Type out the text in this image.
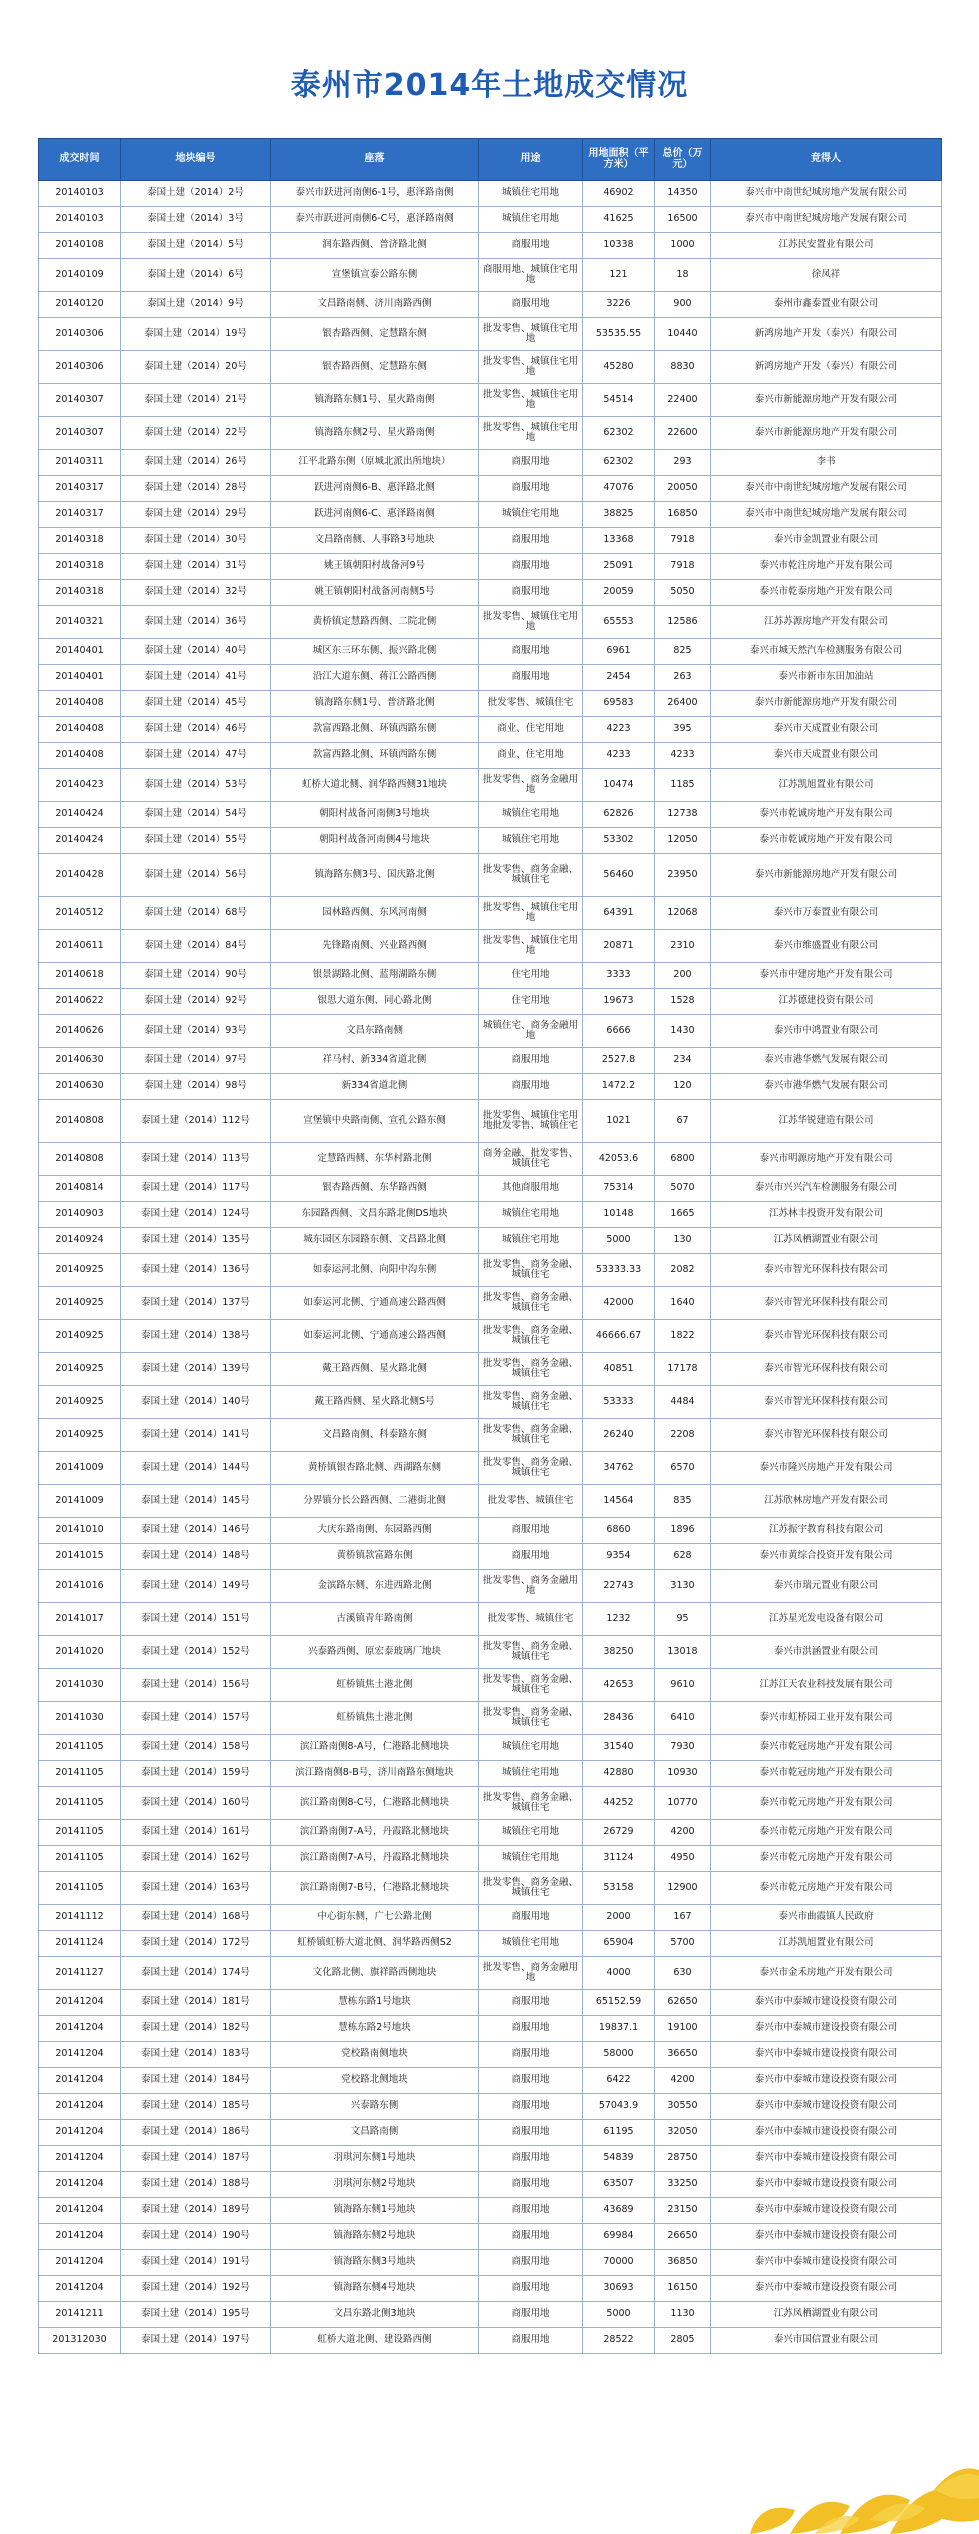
泰州市2014年土地成交情况
成交时间	地块编号	座落	用途	用地面积（平方米）	总价（万元）	竞得人
20140103	泰国土建（2014）2号	泰兴市跃进河南侧6-1号，惠泽路南侧	城镇住宅用地	46902	14350	泰兴市中南世纪城房地产发展有限公司
20140103	泰国土建（2014）3号	泰兴市跃进河南侧6-C号，惠泽路南侧	城镇住宅用地	41625	16500	泰兴市中南世纪城房地产发展有限公司
20140108	泰国土建（2014）5号	润东路西侧、普济路北侧	商服用地	10338	1000	江苏民安置业有限公司
20140109	泰国土建（2014）6号	宣堡镇宣泰公路东侧	商服用地、城镇住宅用地	121	18	徐凤祥
20140120	泰国土建（2014）9号	文昌路南侧、济川南路西侧	商服用地	3226	900	泰州市鑫泰置业有限公司
20140306	泰国土建（2014）19号	银杏路西侧、定慧路东侧	批发零售、城镇住宅用地	53535.55	10440	新鸿房地产开发（泰兴）有限公司
20140306	泰国土建（2014）20号	银杏路西侧、定慧路东侧	批发零售、城镇住宅用地	45280	8830	新鸿房地产开发（泰兴）有限公司
20140307	泰国土建（2014）21号	镇海路东侧1号、星火路南侧	批发零售、城镇住宅用地	54514	22400	泰兴市新能源房地产开发有限公司
20140307	泰国土建（2014）22号	镇海路东侧2号、星火路南侧	批发零售、城镇住宅用地	62302	22600	泰兴市新能源房地产开发有限公司
20140311	泰国土建（2014）26号	江平北路东侧（原城北派出所地块）	商服用地	62302	293	李书
20140317	泰国土建（2014）28号	跃进河南侧6-B、惠泽路北侧	商服用地	47076	20050	泰兴市中南世纪城房地产发展有限公司
20140317	泰国土建（2014）29号	跃进河南侧6-C、惠泽路南侧	城镇住宅用地	38825	16850	泰兴市中南世纪城房地产发展有限公司
20140318	泰国土建（2014）30号	文昌路南侧、人事路3号地块	商服用地	13368	7918	泰兴市金凯置业有限公司
20140318	泰国土建（2014）31号	姚王镇朝阳村战备河9号	商服用地	25091	7918	泰兴市乾注房地产开发有限公司
20140318	泰国土建（2014）32号	姚王镇朝阳村战备河南侧5号	商服用地	20059	5050	泰兴市乾泰房地产开发有限公司
20140321	泰国土建（2014）36号	黄桥镇定慧路西侧、二院北侧	批发零售、城镇住宅用地	65553	12586	江苏苏源房地产开发有限公司
20140401	泰国土建（2014）40号	城区东三环东侧、振兴路北侧	商服用地	6961	825	泰兴市城天然汽车检测服务有限公司
20140401	泰国土建（2014）41号	沿江大道东侧、蒋江公路西侧	商服用地	2454	263	泰兴市新市东田加油站
20140408	泰国土建（2014）45号	镇海路东侧1号、普济路北侧	批发零售、城镇住宅	69583	26400	泰兴市新能源房地产开发有限公司
20140408	泰国土建（2014）46号	款富西路北侧、环镇西路东侧	商业、住宅用地	4223	395	泰兴市天成置业有限公司
20140408	泰国土建（2014）47号	款富西路北侧、环镇西路东侧	商业、住宅用地	4233	4233	泰兴市天成置业有限公司
20140423	泰国土建（2014）53号	虹桥大道北侧、润华路西侧31地块	批发零售、商务金融用地	10474	1185	江苏凯旭置业有限公司
20140424	泰国土建（2014）54号	朝阳村战备河南侧3号地块	城镇住宅用地	62826	12738	泰兴市乾诚房地产开发有限公司
20140424	泰国土建（2014）55号	朝阳村战备河南侧4号地块	城镇住宅用地	53302	12050	泰兴市乾诚房地产开发有限公司
20140428	泰国土建（2014）56号	镇海路东侧3号、国庆路北侧	批发零售、商务金融、城镇住宅	56460	23950	泰兴市新能源房地产开发有限公司
20140512	泰国土建（2014）68号	园林路西侧、东风河南侧	批发零售、城镇住宅用地	64391	12068	泰兴市万泰置业有限公司
20140611	泰国土建（2014）84号	先锋路南侧、兴业路西侧	批发零售、城镇住宅用地	20871	2310	泰兴市维盛置业有限公司
20140618	泰国土建（2014）90号	银景湖路北侧、蓝翔湖路东侧	住宅用地	3333	200	泰兴市中建房地产开发有限公司
20140622	泰国土建（2014）92号	银思大道东侧、同心路北侧	住宅用地	19673	1528	江苏德建投资有限公司
20140626	泰国土建（2014）93号	文昌东路南侧	城镇住宅、商务金融用地	6666	1430	泰兴市中鸿置业有限公司
20140630	泰国土建（2014）97号	祥马村、新334省道北侧	商服用地	2527.8	234	泰兴市港华燃气发展有限公司
20140630	泰国土建（2014）98号	新334省道北侧	商服用地	1472.2	120	泰兴市港华燃气发展有限公司
20140808	泰国土建（2014）112号	宣堡镇中央路南侧、宣孔公路东侧	批发零售、城镇住宅用地批发零售、城镇住宅	1021	67	江苏华锐建造有限公司
20140808	泰国土建（2014）113号	定慧路西侧、东华村路北侧	商务金融、批发零售、城镇住宅	42053.6	6800	泰兴市明源房地产开发有限公司
20140814	泰国土建（2014）117号	银杏路西侧、东华路西侧	其他商服用地	75314	5070	泰兴市兴兴汽车检测服务有限公司
20140903	泰国土建（2014）124号	东园路西侧、文昌东路北侧DS地块	城镇住宅用地	10148	1665	江苏林丰投资开发有限公司
20140924	泰国土建（2014）135号	城东园区东园路东侧、文昌路北侧	城镇住宅用地	5000	130	江苏凤栖湖置业有限公司
20140925	泰国土建（2014）136号	如泰运河北侧、向阳中沟东侧	批发零售、商务金融、城镇住宅	53333.33	2082	泰兴市智光环保科技有限公司
20140925	泰国土建（2014）137号	如泰运河北侧、宁通高速公路西侧	批发零售、商务金融、城镇住宅	42000	1640	泰兴市智光环保科技有限公司
20140925	泰国土建（2014）138号	如泰运河北侧、宁通高速公路西侧	批发零售、商务金融、城镇住宅	46666.67	1822	泰兴市智光环保科技有限公司
20140925	泰国土建（2014）139号	戴王路西侧、星火路北侧	批发零售、商务金融、城镇住宅	40851	17178	泰兴市智光环保科技有限公司
20140925	泰国土建（2014）140号	戴王路西侧、星火路北侧S号	批发零售、商务金融、城镇住宅	53333	4484	泰兴市智光环保科技有限公司
20140925	泰国土建（2014）141号	文昌路南侧、科泰路东侧	批发零售、商务金融、城镇住宅	26240	2208	泰兴市智光环保科技有限公司
20141009	泰国土建（2014）144号	黄桥镇银杏路北侧、西湖路东侧	批发零售、商务金融、城镇住宅	34762	6570	泰兴市隆兴房地产开发有限公司
20141009	泰国土建（2014）145号	分界镇分长公路西侧、二港街北侧	批发零售、城镇住宅	14564	835	江苏欣林房地产开发有限公司
20141010	泰国土建（2014）146号	大庆东路南侧、东园路西侧	商服用地	6860	1896	江苏振宇教育科技有限公司
20141015	泰国土建（2014）148号	黄桥镇款富路东侧	商服用地	9354	628	泰兴市黄综合投资开发有限公司
20141016	泰国土建（2014）149号	金滨路东侧、东进西路北侧	批发零售、商务金融用地	22743	3130	泰兴市瑞元置业有限公司
20141017	泰国土建（2014）151号	古溪镇青年路南侧	批发零售、城镇住宅	1232	95	江苏星光发电设备有限公司
20141020	泰国土建（2014）152号	兴泰路西侧、原宏泰玻璃厂地块	批发零售、商务金融、城镇住宅	38250	13018	泰兴市洪涵置业有限公司
20141030	泰国土建（2014）156号	虹桥镇焦土港北侧	批发零售、商务金融、城镇住宅	42653	9610	江苏江天农业科技发展有限公司
20141030	泰国土建（2014）157号	虹桥镇焦土港北侧	批发零售、商务金融、城镇住宅	28436	6410	泰兴市虹桥园工业开发有限公司
20141105	泰国土建（2014）158号	滨江路南侧8-A号，仁港路北侧地块	城镇住宅用地	31540	7930	泰兴市乾冠房地产开发有限公司
20141105	泰国土建（2014）159号	滨江路南侧8-B号，济川南路东侧地块	城镇住宅用地	42880	10930	泰兴市乾冠房地产开发有限公司
20141105	泰国土建（2014）160号	滨江路南侧8-C号，仁港路北侧地块	批发零售、商务金融、城镇住宅	44252	10770	泰兴市乾元房地产开发有限公司
20141105	泰国土建（2014）161号	滨江路南侧7-A号，丹霞路北侧地块	城镇住宅用地	26729	4200	泰兴市乾元房地产开发有限公司
20141105	泰国土建（2014）162号	滨江路南侧7-A号，丹霞路北侧地块	城镇住宅用地	31124	4950	泰兴市乾元房地产开发有限公司
20141105	泰国土建（2014）163号	滨江路南侧7-B号，仁港路北侧地块	批发零售、商务金融、城镇住宅	53158	12900	泰兴市乾元房地产开发有限公司
20141112	泰国土建（2014）168号	中心街东侧，广七公路北侧	商服用地	2000	167	泰兴市曲霞镇人民政府
20141124	泰国土建（2014）172号	虹桥镇虹桥大道北侧、润华路西侧S2	城镇住宅用地	65904	5700	江苏凯旭置业有限公司
20141127	泰国土建（2014）174号	文化路北侧、旗祥路西侧地块	批发零售、商务金融用地	4000	630	泰兴市金禾房地产开发有限公司
20141204	泰国土建（2014）181号	慧栋东路1号地块	商服用地	65152.59	62650	泰兴市中泰城市建设投资有限公司
20141204	泰国土建（2014）182号	慧栋东路2号地块	商服用地	19837.1	19100	泰兴市中泰城市建设投资有限公司
20141204	泰国土建（2014）183号	党校路南侧地块	商服用地	58000	36650	泰兴市中泰城市建设投资有限公司
20141204	泰国土建（2014）184号	党校路北侧地块	商服用地	6422	4200	泰兴市中泰城市建设投资有限公司
20141204	泰国土建（2014）185号	兴泰路东侧	商服用地	57043.9	30550	泰兴市中泰城市建设投资有限公司
20141204	泰国土建（2014）186号	文昌路南侧	商服用地	61195	32050	泰兴市中泰城市建设投资有限公司
20141204	泰国土建（2014）187号	羽琪河东侧1号地块	商服用地	54839	28750	泰兴市中泰城市建设投资有限公司
20141204	泰国土建（2014）188号	羽琪河东侧2号地块	商服用地	63507	33250	泰兴市中泰城市建设投资有限公司
20141204	泰国土建（2014）189号	镇海路东侧1号地块	商服用地	43689	23150	泰兴市中泰城市建设投资有限公司
20141204	泰国土建（2014）190号	镇海路东侧2号地块	商服用地	69984	26650	泰兴市中泰城市建设投资有限公司
20141204	泰国土建（2014）191号	镇海路东侧3号地块	商服用地	70000	36850	泰兴市中泰城市建设投资有限公司
20141204	泰国土建（2014）192号	镇海路东侧4号地块	商服用地	30693	16150	泰兴市中泰城市建设投资有限公司
20141211	泰国土建（2014）195号	文昌东路北侧3地块	商服用地	5000	1130	江苏凤栖湖置业有限公司
201312030	泰国土建（2014）197号	虹桥大道北侧、建设路西侧	商服用地	28522	2805	泰兴市国信置业有限公司
